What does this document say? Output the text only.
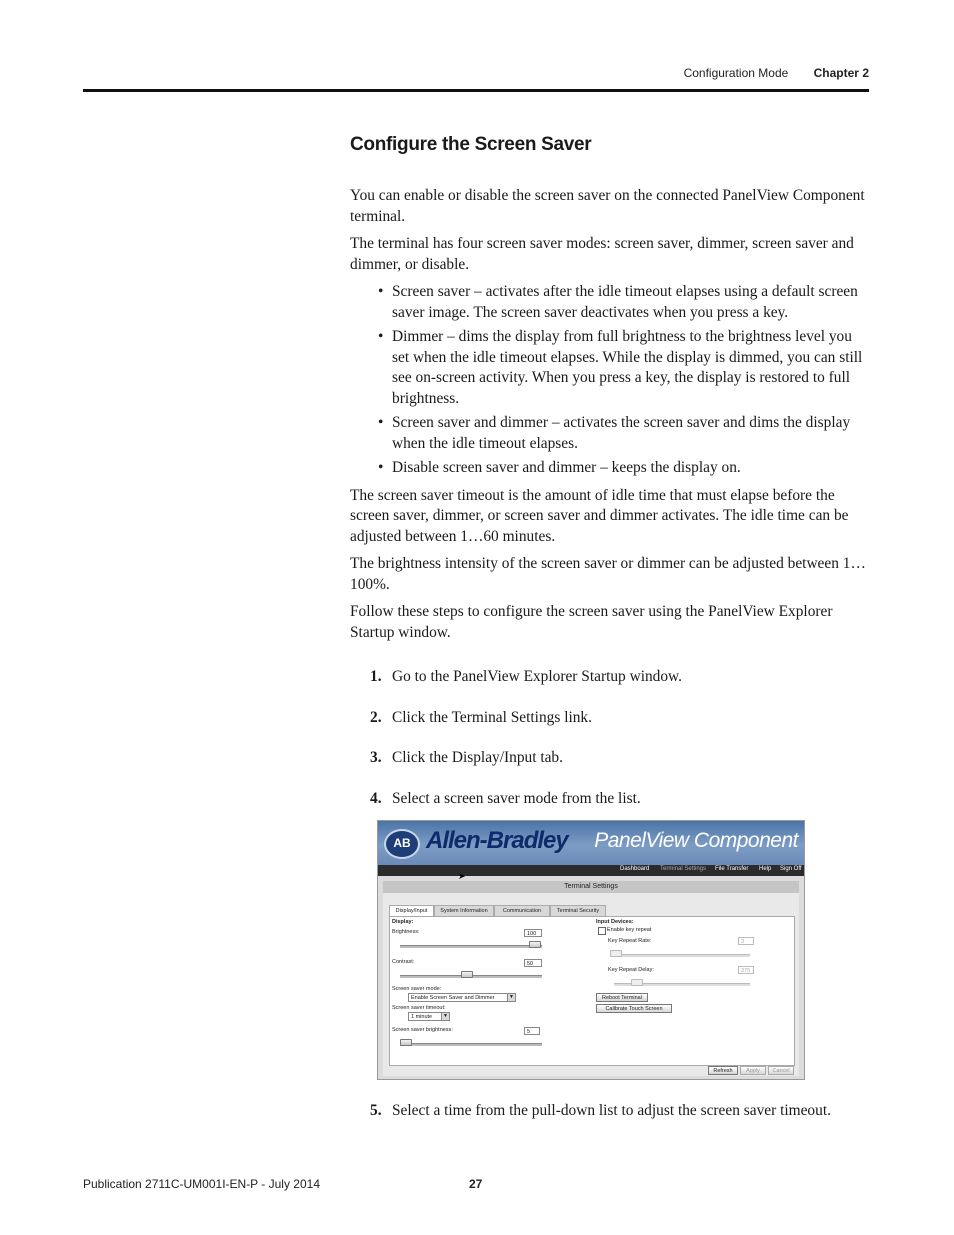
Configuration Mode Chapter 2
Configure the Screen Saver

You can enable or disable the screen saver on the connected PanelView Component terminal.

The terminal has four screen saver modes: screen saver, dimmer, screen saver and dimmer, or disable.

• Screen saver – activates after the idle timeout elapses using a default screen saver image. The screen saver deactivates when you press a key.
• Dimmer – dims the display from full brightness to the brightness level you set when the idle timeout elapses. While the display is dimmed, you can still see on-screen activity. When you press a key, the display is restored to full brightness.
• Screen saver and dimmer – activates the screen saver and dims the display when the idle timeout elapses.
• Disable screen saver and dimmer – keeps the display on.

The screen saver timeout is the amount of idle time that must elapse before the screen saver, dimmer, or screen saver and dimmer activates. The idle time can be adjusted between 1…60 minutes.

The brightness intensity of the screen saver or dimmer can be adjusted between 1…100%.

Follow these steps to configure the screen saver using the PanelView Explorer Startup window.

1. Go to the PanelView Explorer Startup window.
2. Click the Terminal Settings link.
3. Click the Display/Input tab.
4. Select a screen saver mode from the list.
AB Allen-Bradley PanelView Component
Dashboard Terminal Settings File Transfer Help Sign Off
➤
Terminal Settings
Display/Input	System Information	Communication	Terminal Security
Display:
Brightness:	100
Contrast:	50
Screen saver mode:
Enable Screen Saver and Dimmer	▼
Screen saver timeout:
1 minute	▼
Screen saver brightness:	5
Input Devices:
Enable key repeat
Key Repeat Rate:	3
Key Repeat Delay:	375
Reboot Terminal
Calibrate Touch Screen
Refresh	Apply	Cancel
5. Select a time from the pull-down list to adjust the screen saver timeout.
Publication 2711C-UM001I-EN-P - July 2014	27
